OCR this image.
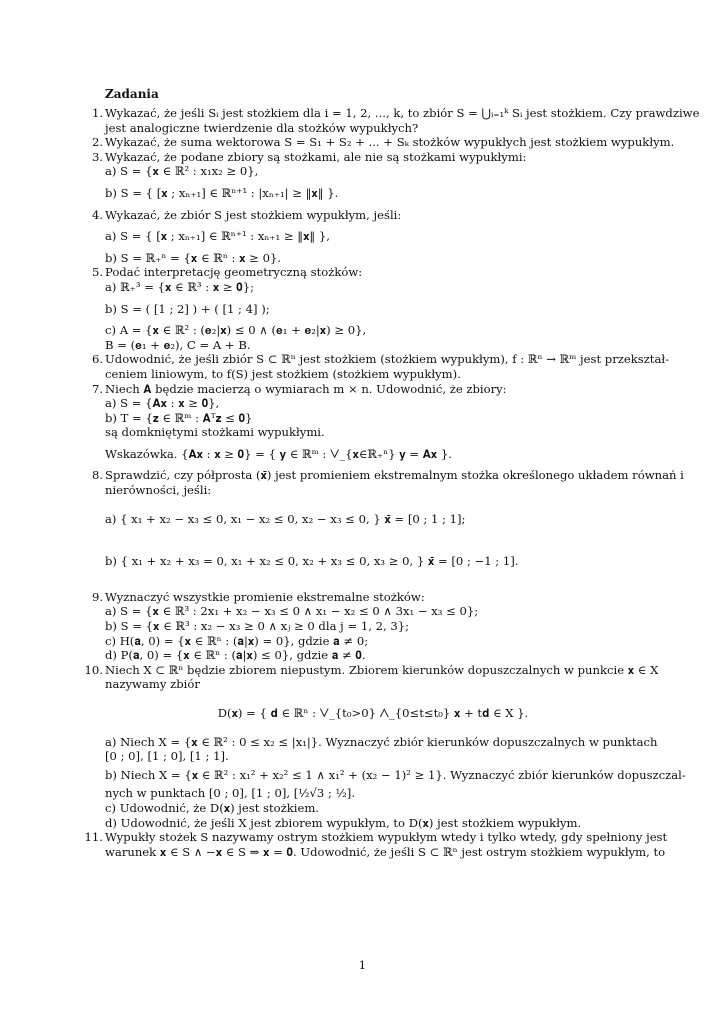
Zadania
1. Wykazać, że jeśli Sᵢ jest stożkiem dla i = 1, 2, ..., k, to zbiór S = ⋃ᵢ₌₁ᵏ Sᵢ jest stożkiem. Czy prawdziwe
jest analogiczne twierdzenie dla stożków wypukłych?
2. Wykazać, że suma wektorowa S = S₁ + S₂ + ... + Sₖ stożków wypukłych jest stożkiem wypukłym.
3. Wykazać, że podane zbiory są stożkami, ale nie są stożkami wypukłymi:
a) S = {𝐱 ∈ ℝ² : x₁x₂ ≥ 0},
b) S = { [𝐱 ; xₙ₊₁] ∈ ℝⁿ⁺¹ : |xₙ₊₁| ≥ ‖𝐱‖ }.
4. Wykazać, że zbiór S jest stożkiem wypukłym, jeśli:
a) S = { [𝐱 ; xₙ₊₁] ∈ ℝⁿ⁺¹ : xₙ₊₁ ≥ ‖𝐱‖ },
b) S = ℝ₊ⁿ = {𝐱 ∈ ℝⁿ : 𝐱 ≥ 0}.
5. Podać interpretację geometryczną stożków:
a) ℝ₊³ = {𝐱 ∈ ℝ³ : 𝐱 ≥ 𝟎};
b) S = ( [1 ; 2] ) + ( [1 ; 4] );
c) A = {𝐱 ∈ ℝ² : (𝐞₂|𝐱) ≤ 0 ∧ (𝐞₁ + 𝐞₂|𝐱) ≥ 0},
B = (𝐞₁ + 𝐞₂), C = A + B.
6. Udowodnić, że jeśli zbiór S ⊂ ℝⁿ jest stożkiem (stożkiem wypukłym), f : ℝⁿ → ℝᵐ jest przekształ-
ceniem liniowym, to f(S) jest stożkiem (stożkiem wypukłym).
7. Niech 𝐀 będzie macierzą o wymiarach m × n. Udowodnić, że zbiory:
a) S = {𝐀𝐱 : 𝐱 ≥ 𝟎},
b) T = {𝐳 ∈ ℝᵐ : 𝐀ᵀ𝐳 ≤ 𝟎}
są domkniętymi stożkami wypukłymi.
Wskazówka. {𝐀𝐱 : 𝐱 ≥ 𝟎} = { 𝐲 ∈ ℝᵐ : ⋁_{𝐱∈ℝ₊ⁿ} 𝐲 = 𝐀𝐱 }.
8. Sprawdzić, czy półprosta (𝐱̄) jest promieniem ekstremalnym stożka określonego układem równań i
nierówności, jeśli:
a) { x₁ + x₂ − x₃ ≤ 0, x₁ − x₂ ≤ 0, x₂ − x₃ ≤ 0, } 𝐱̄ = [0 ; 1 ; 1];
b) { x₁ + x₂ + x₃ = 0, x₁ + x₂ ≤ 0, x₂ + x₃ ≤ 0, x₃ ≥ 0, } 𝐱̄ = [0 ; −1 ; 1].
9. Wyznaczyć wszystkie promienie ekstremalne stożków:
a) S = {𝐱 ∈ ℝ³ : 2x₁ + x₂ − x₃ ≤ 0 ∧ x₁ − x₂ ≤ 0 ∧ 3x₁ − x₃ ≤ 0};
b) S = {𝐱 ∈ ℝ³ : x₂ − x₃ ≥ 0 ∧ xⱼ ≥ 0 dla j = 1, 2, 3};
c) H(𝐚, 0) = {𝐱 ∈ ℝⁿ : (𝐚|𝐱) = 0}, gdzie 𝐚 ≠ 0;
d) P(𝐚, 0) = {𝐱 ∈ ℝⁿ : (𝐚|𝐱) ≤ 0}, gdzie 𝐚 ≠ 𝟎.
10. Niech X ⊂ ℝⁿ będzie zbiorem niepustym. Zbiorem kierunków dopuszczalnych w punkcie 𝐱 ∈ X
nazywamy zbiór
D(𝐱) = { 𝐝 ∈ ℝⁿ : ⋁_{t₀>0} ⋀_{0≤t≤t₀} 𝐱 + t𝐝 ∈ X }.
a) Niech X = {𝐱 ∈ ℝ² : 0 ≤ x₂ ≤ |x₁|}. Wyznaczyć zbiór kierunków dopuszczalnych w punktach
[0 ; 0], [1 ; 0], [1 ; 1].
b) Niech X = {𝐱 ∈ ℝ² : x₁² + x₂² ≤ 1 ∧ x₁² + (x₂ − 1)² ≥ 1}. Wyznaczyć zbiór kierunków dopuszczal-
nych w punktach [0 ; 0], [1 ; 0], [½√3 ; ½].
c) Udowodnić, że D(𝐱) jest stożkiem.
d) Udowodnić, że jeśli X jest zbiorem wypukłym, to D(𝐱) jest stożkiem wypukłym.
11. Wypukły stożek S nazywamy ostrym stożkiem wypukłym wtedy i tylko wtedy, gdy spełniony jest
warunek 𝐱 ∈ S ∧ −𝐱 ∈ S ⇒ 𝐱 = 𝟎. Udowodnić, że jeśli S ⊂ ℝⁿ jest ostrym stożkiem wypukłym, to
1
